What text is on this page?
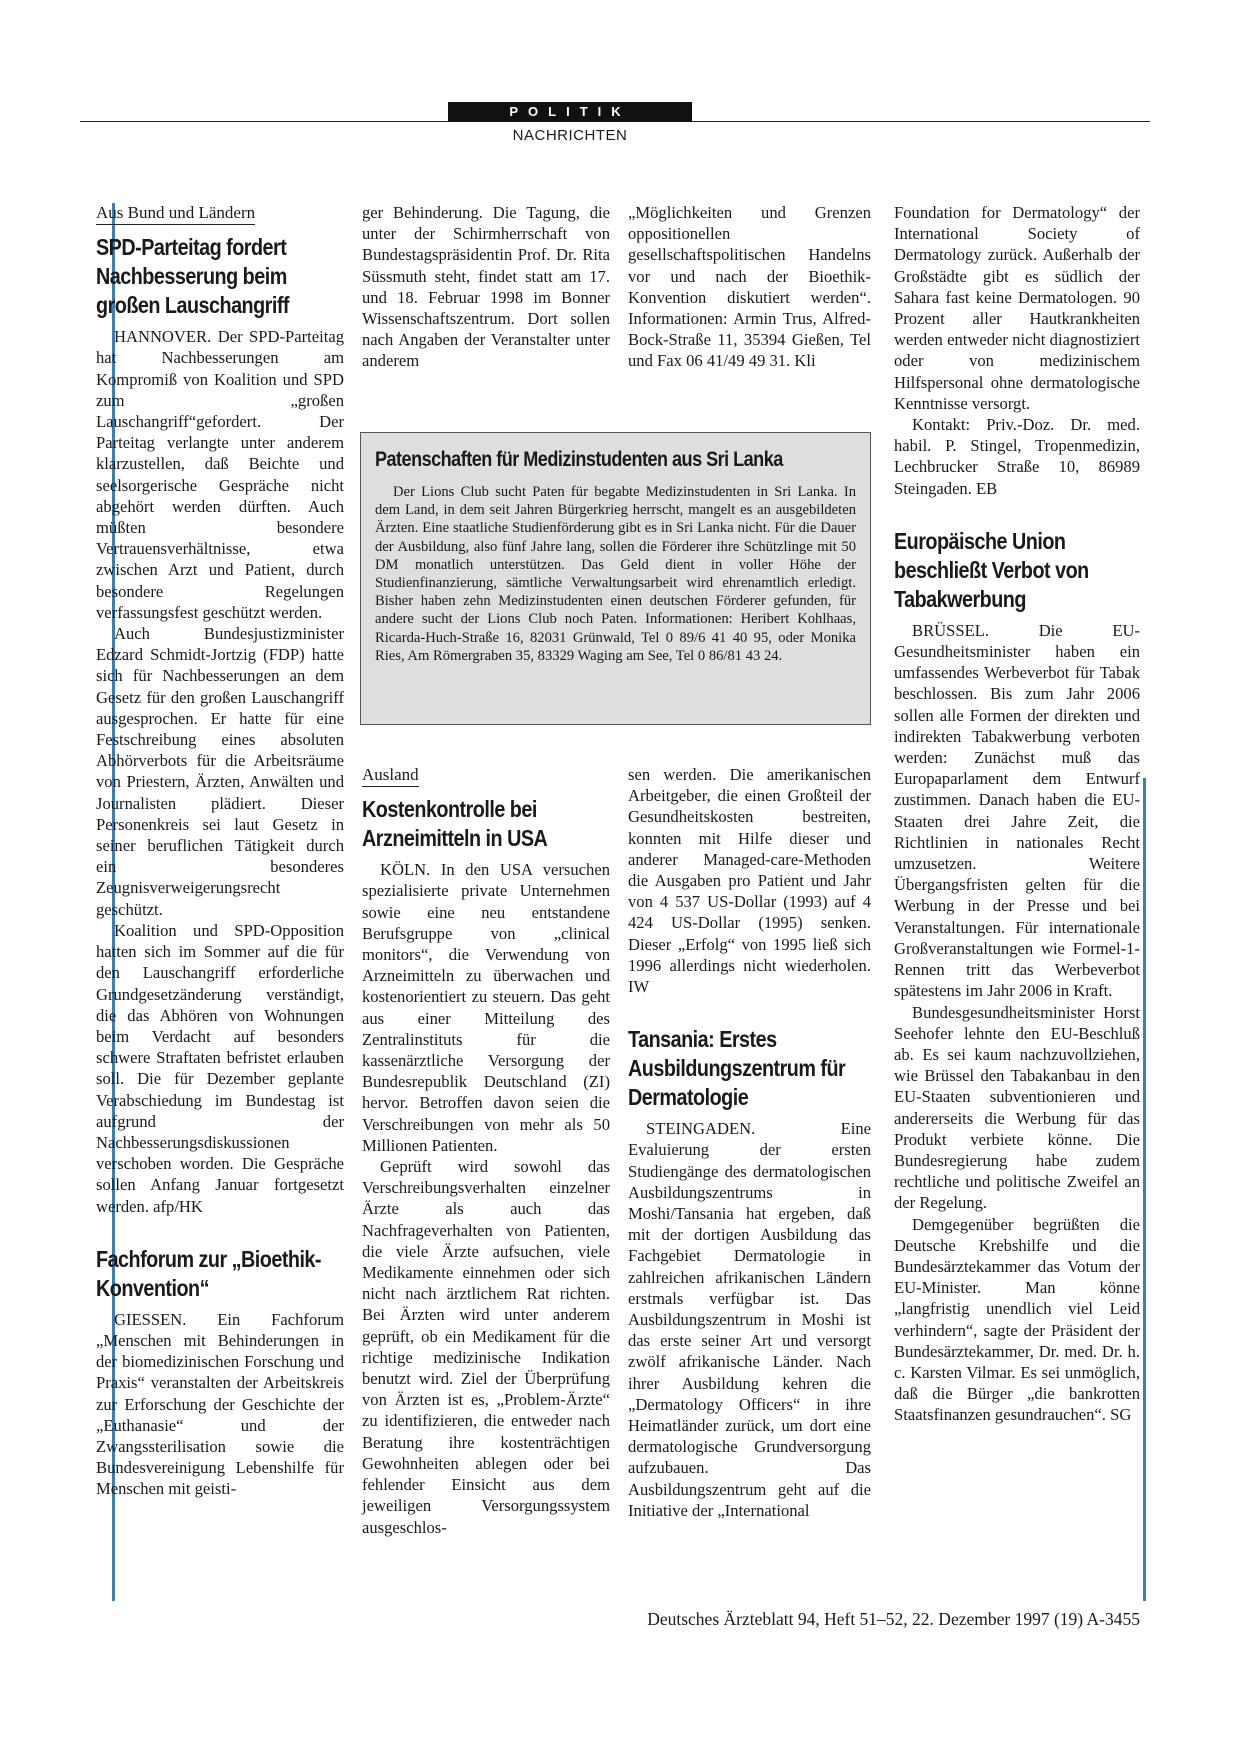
POLITIK
NACHRICHTEN
Aus Bund und Ländern
SPD-Parteitag fordert Nachbesserung beim großen Lauschangriff

HANNOVER. Der SPD-Parteitag hat Nachbesserungen am Kompromiß von Koalition und SPD zum „großen Lauschangriff“gefordert. Der Parteitag verlangte unter anderem klarzustellen, daß Beichte und seelsorgerische Gespräche nicht abgehört werden dürften. Auch müßten besondere Vertrauensverhältnisse, etwa zwischen Arzt und Patient, durch besondere Regelungen verfassungsfest geschützt werden.

Auch Bundesjustizminister Edzard Schmidt-Jortzig (FDP) hatte sich für Nachbesserungen an dem Gesetz für den großen Lauschangriff ausgesprochen. Er hatte für eine Festschreibung eines absoluten Abhörverbots für die Arbeitsräume von Priestern, Ärzten, Anwälten und Journalisten plädiert. Dieser Personenkreis sei laut Gesetz in seiner beruflichen Tätigkeit durch ein besonderes Zeugnisverweigerungsrecht geschützt.

Koalition und SPD-Opposition hatten sich im Sommer auf die für den Lauschangriff erforderliche Grundgesetzänderung verständigt, die das Abhören von Wohnungen beim Verdacht auf besonders schwere Straftaten befristet erlauben soll. Die für Dezember geplante Verabschiedung im Bundestag ist aufgrund der Nachbesserungsdiskussionen verschoben worden. Die Gespräche sollen Anfang Januar fortgesetzt werden. afp/HK

Fachforum zur „Bioethik-Konvention“

GIESSEN. Ein Fachforum „Menschen mit Behinderungen in der biomedizinischen Forschung und Praxis“ veranstalten der Arbeitskreis zur Erforschung der Geschichte der „Euthanasie“ und der Zwangssterilisation sowie die Bundesvereinigung Lebenshilfe für Menschen mit geisti-

ger Behinderung. Die Tagung, die unter der Schirmherrschaft von Bundestagspräsidentin Prof. Dr. Rita Süssmuth steht, findet statt am 17. und 18. Februar 1998 im Bonner Wissenschaftszentrum. Dort sollen nach Angaben der Veranstalter unter anderem

„Möglichkeiten und Grenzen oppositionellen gesellschaftspolitischen Handelns vor und nach der Bioethik-Konvention diskutiert werden“. Informationen: Armin Trus, Alfred-Bock-Straße 11, 35394 Gießen, Tel und Fax 06 41/49 49 31. Kli

Patenschaften für Medizinstudenten aus Sri Lanka

Der Lions Club sucht Paten für begabte Medizinstudenten in Sri Lanka. In dem Land, in dem seit Jahren Bürgerkrieg herrscht, mangelt es an ausgebildeten Ärzten. Eine staatliche Studienförderung gibt es in Sri Lanka nicht. Für die Dauer der Ausbildung, also fünf Jahre lang, sollen die Förderer ihre Schützlinge mit 50 DM monatlich unterstützen. Das Geld dient in voller Höhe der Studienfinanzierung, sämtliche Verwaltungsarbeit wird ehrenamtlich erledigt. Bisher haben zehn Medizinstudenten einen deutschen Förderer gefunden, für andere sucht der Lions Club noch Paten. Informationen: Heribert Kohlhaas, Ricarda-Huch-Straße 16, 82031 Grünwald, Tel 0 89/6 41 40 95, oder Monika Ries, Am Römergraben 35, 83329 Waging am See, Tel 0 86/81 43 24.

Ausland
Kostenkontrolle bei Arzneimitteln in USA

KÖLN. In den USA versuchen spezialisierte private Unternehmen sowie eine neu entstandene Berufsgruppe von „clinical monitors“, die Verwendung von Arzneimitteln zu überwachen und kostenorientiert zu steuern. Das geht aus einer Mitteilung des Zentralinstituts für die kassenärztliche Versorgung der Bundesrepublik Deutschland (ZI) hervor. Betroffen davon seien die Verschreibungen von mehr als 50 Millionen Patienten.

Geprüft wird sowohl das Verschreibungsverhalten einzelner Ärzte als auch das Nachfrageverhalten von Patienten, die viele Ärzte aufsuchen, viele Medikamente einnehmen oder sich nicht nach ärztlichem Rat richten. Bei Ärzten wird unter anderem geprüft, ob ein Medikament für die richtige medizinische Indikation benutzt wird. Ziel der Überprüfung von Ärzten ist es, „Problem-Ärzte“ zu identifizieren, die entweder nach Beratung ihre kostenträchtigen Gewohnheiten ablegen oder bei fehlender Einsicht aus dem jeweiligen Versorgungssystem ausgeschlos-

sen werden. Die amerikanischen Arbeitgeber, die einen Großteil der Gesundheitskosten bestreiten, konnten mit Hilfe dieser und anderer Managed-care-Methoden die Ausgaben pro Patient und Jahr von 4 537 US-Dollar (1993) auf 4 424 US-Dollar (1995) senken. Dieser „Erfolg“ von 1995 ließ sich 1996 allerdings nicht wiederholen. IW

Tansania: Erstes Ausbildungszentrum für Dermatologie

STEINGADEN. Eine Evaluierung der ersten Studiengänge des dermatologischen Ausbildungszentrums in Moshi/Tansania hat ergeben, daß mit der dortigen Ausbildung das Fachgebiet Dermatologie in zahlreichen afrikanischen Ländern erstmals verfügbar ist. Das Ausbildungszentrum in Moshi ist das erste seiner Art und versorgt zwölf afrikanische Länder. Nach ihrer Ausbildung kehren die „Dermatology Officers“ in ihre Heimatländer zurück, um dort eine dermatologische Grundversorgung aufzubauen. Das Ausbildungszentrum geht auf die Initiative der „International

Foundation for Dermatology“ der International Society of Dermatology zurück. Außerhalb der Großstädte gibt es südlich der Sahara fast keine Dermatologen. 90 Prozent aller Hautkrankheiten werden entweder nicht diagnostiziert oder von medizinischem Hilfspersonal ohne dermatologische Kenntnisse versorgt.

Kontakt: Priv.-Doz. Dr. med. habil. P. Stingel, Tropenmedizin, Lechbrucker Straße 10, 86989 Steingaden. EB

Europäische Union beschließt Verbot von Tabakwerbung

BRÜSSEL. Die EU-Gesundheitsminister haben ein umfassendes Werbeverbot für Tabak beschlossen. Bis zum Jahr 2006 sollen alle Formen der direkten und indirekten Tabakwerbung verboten werden: Zunächst muß das Europaparlament dem Entwurf zustimmen. Danach haben die EU-Staaten drei Jahre Zeit, die Richtlinien in nationales Recht umzusetzen. Weitere Übergangsfristen gelten für die Werbung in der Presse und bei Veranstaltungen. Für internationale Großveranstaltungen wie Formel-1-Rennen tritt das Werbeverbot spätestens im Jahr 2006 in Kraft.

Bundesgesundheitsminister Horst Seehofer lehnte den EU-Beschluß ab. Es sei kaum nachzuvollziehen, wie Brüssel den Tabakanbau in den EU-Staaten subventionieren und andererseits die Werbung für das Produkt verbiete könne. Die Bundesregierung habe zudem rechtliche und politische Zweifel an der Regelung.

Demgegenüber begrüßten die Deutsche Krebshilfe und die Bundesärztekammer das Votum der EU-Minister. Man könne „langfristig unendlich viel Leid verhindern“, sagte der Präsident der Bundesärztekammer, Dr. med. Dr. h. c. Karsten Vilmar. Es sei unmöglich, daß die Bürger „die bankrotten Staatsfinanzen gesundrauchen“. SG

Deutsches Ärzteblatt 94, Heft 51–52, 22. Dezember 1997 (19) A-3455
